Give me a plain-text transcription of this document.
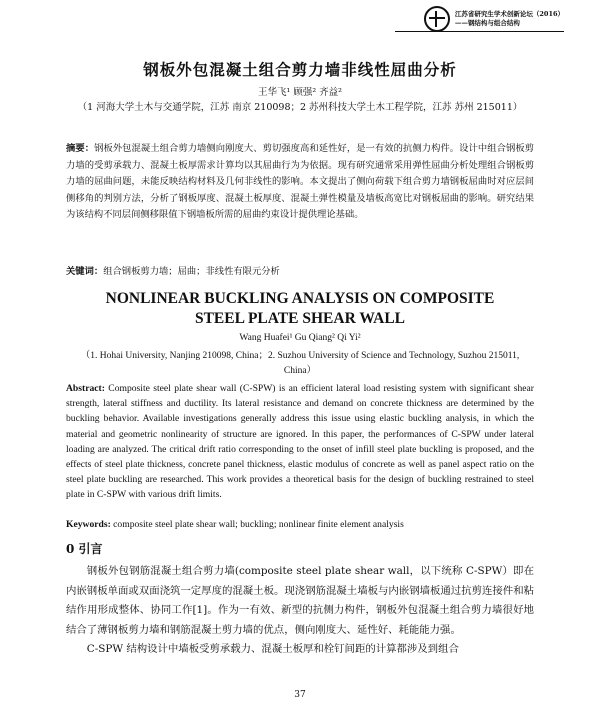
江苏省研究生学术创新论坛（2016）
——钢结构与组合结构
钢板外包混凝土组合剪力墙非线性屈曲分析
王华飞¹ 顾强² 齐益²
（1 河海大学土木与交通学院，江苏 南京 210098；2 苏州科技大学土木工程学院，江苏 苏州 215011）
摘要：钢板外包混凝土组合剪力墙侧向刚度大、剪切强度高和延性好，是一有效的抗侧力构件。设计中组合钢板剪力墙的受剪承载力、混凝土板厚需求计算均以其屈曲行为为依据。现有研究通常采用弹性屈曲分析处理组合钢板剪力墙的屈曲问题，未能反映结构材料及几何非线性的影响。本文提出了侧向荷载下组合剪力墙钢板屈曲时对应层间侧移角的判别方法，分析了钢板厚度、混凝土板厚度、混凝土弹性模量及墙板高宽比对钢板屈曲的影响。研究结果为该结构不同层间侧移限值下钢墙板所需的屈曲约束设计提供理论基础。
关键词：组合钢板剪力墙；屈曲；非线性有限元分析
NONLINEAR BUCKLING ANALYSIS ON COMPOSITE
STEEL PLATE SHEAR WALL
Wang Huafei¹ Gu Qiang² Qi Yi²
（1. Hohai University, Nanjing 210098, China；2. Suzhou University of Science and Technology, Suzhou 215011, China）
Abstract: Composite steel plate shear wall (C-SPW) is an efficient lateral load resisting system with significant shear strength, lateral stiffness and ductility. Its lateral resistance and demand on concrete thickness are determined by the buckling behavior. Available investigations generally address this issue using elastic buckling analysis, in which the material and geometric nonlinearity of structure are ignored. In this paper, the performances of C-SPW under lateral loading are analyzed. The critical drift ratio corresponding to the onset of infill steel plate buckling is proposed, and the effects of steel plate thickness, concrete panel thickness, elastic modulus of concrete as well as panel aspect ratio on the steel plate buckling are researched. This work provides a theoretical basis for the design of buckling restrained to steel plate in C-SPW with various drift limits.
Keywords: composite steel plate shear wall; buckling; nonlinear finite element analysis
0 引言

钢板外包钢筋混凝土组合剪力墙(composite steel plate shear wall，以下统称 C-SPW）即在内嵌钢板单面或双面浇筑一定厚度的混凝土板。现浇钢筋混凝土墙板与内嵌钢墙板通过抗剪连接件和粘结作用形成整体、协同工作[1]。作为一有效、新型的抗侧力构件，钢板外包混凝土组合剪力墙很好地结合了薄钢板剪力墙和钢筋混凝土剪力墙的优点，侧向刚度大、延性好、耗能能力强。

C-SPW 结构设计中墙板受剪承载力、混凝土板厚和栓钉间距的计算都涉及到组合

37
